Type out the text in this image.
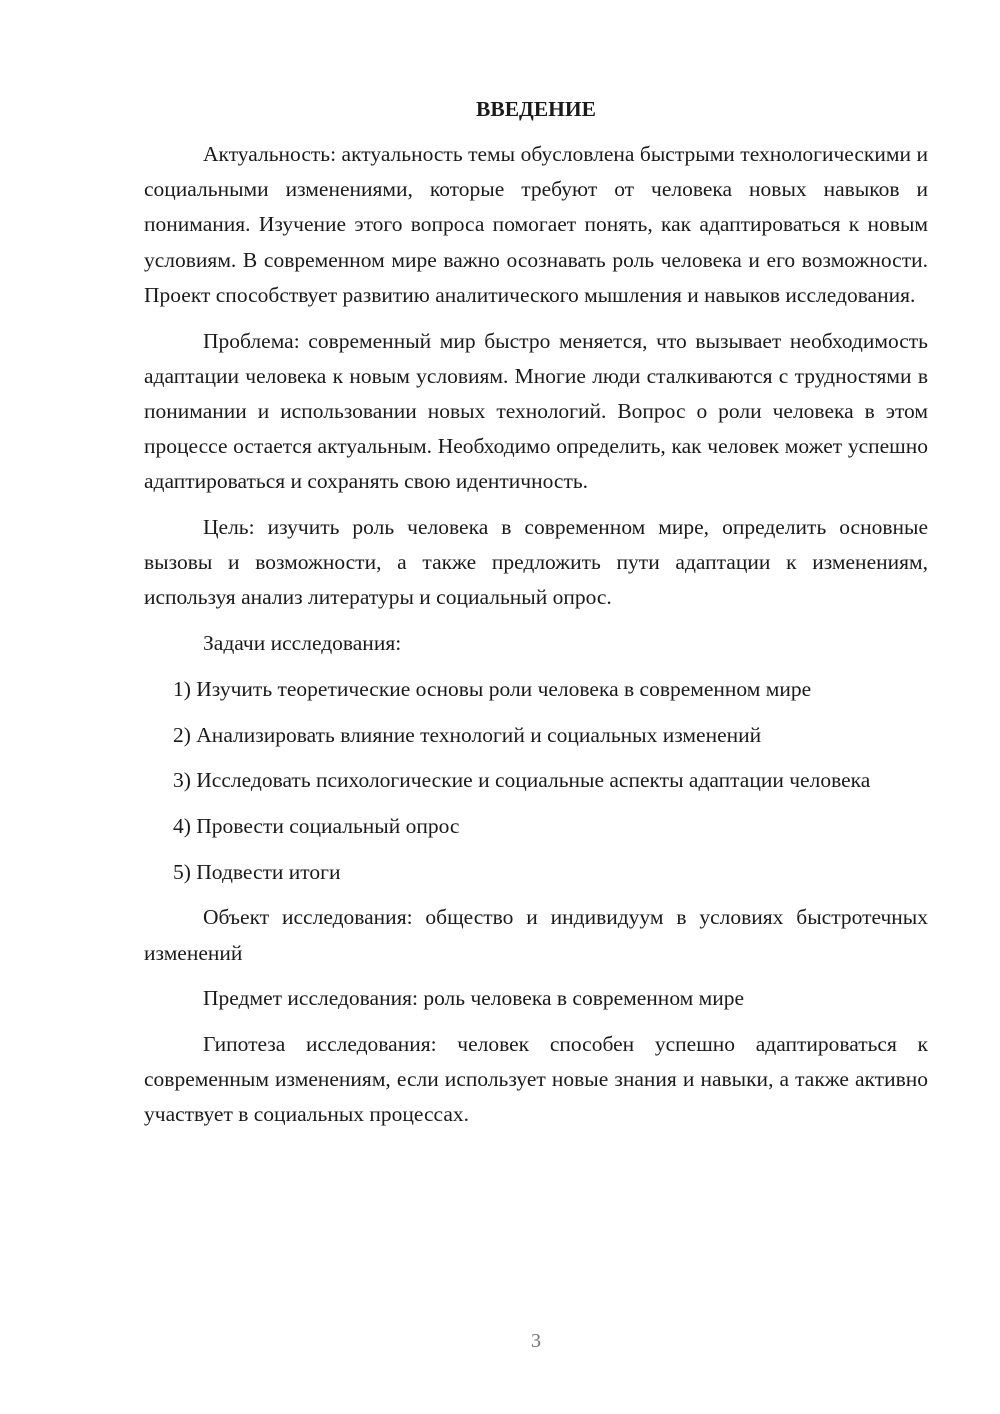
ВВЕДЕНИЕ

Актуальность: актуальность темы обусловлена быстрыми технологическими и социальными изменениями, которые требуют от человека новых навыков и понимания. Изучение этого вопроса помогает понять, как адаптироваться к новым условиям. В современном мире важно осознавать роль человека и его возможности. Проект способствует развитию аналитического мышления и навыков исследования.

Проблема: современный мир быстро меняется, что вызывает необходимость адаптации человека к новым условиям. Многие люди сталкиваются с трудностями в понимании и использовании новых технологий. Вопрос о роли человека в этом процессе остается актуальным. Необходимо определить, как человек может успешно адаптироваться и сохранять свою идентичность.

Цель: изучить роль человека в современном мире, определить основные вызовы и возможности, а также предложить пути адаптации к изменениям, используя анализ литературы и социальный опрос.

Задачи исследования:

1) Изучить теоретические основы роли человека в современном мире

2) Анализировать влияние технологий и социальных изменений

3) Исследовать психологические и социальные аспекты адаптации человека

4) Провести социальный опрос

5) Подвести итоги

Объект исследования: общество и индивидуум в условиях быстротечных изменений

Предмет исследования: роль человека в современном мире

Гипотеза исследования: человек способен успешно адаптироваться к современным изменениям, если использует новые знания и навыки, а также активно участвует в социальных процессах.

3
